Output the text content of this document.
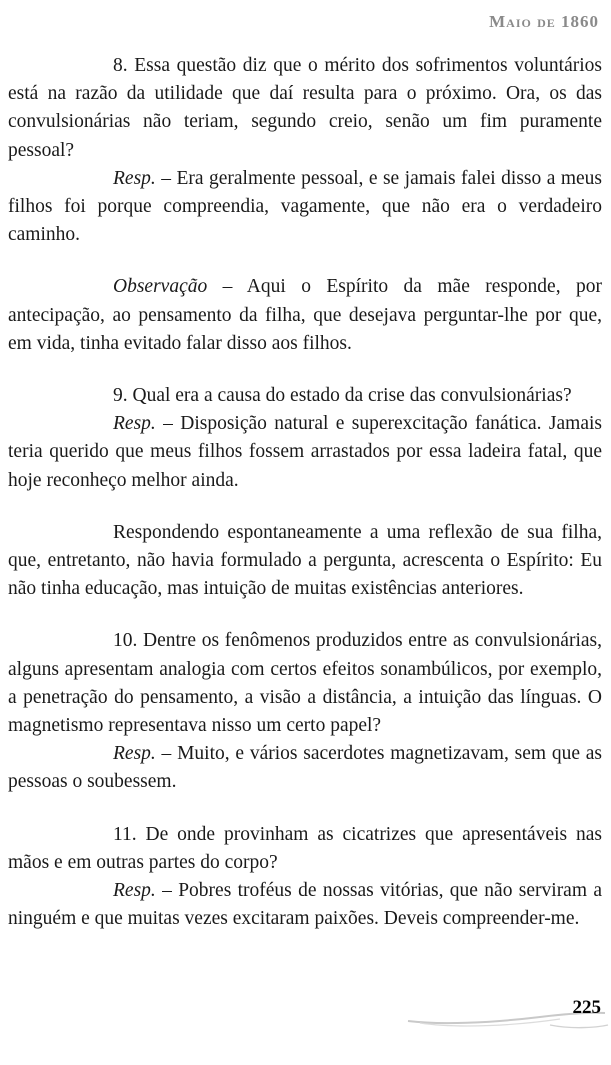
Maio de 1860

8. Essa questão diz que o mérito dos sofrimentos voluntários está na razão da utilidade que daí resulta para o próximo. Ora, os das convulsionárias não teriam, segundo creio, senão um fim puramente pessoal?

Resp. – Era geralmente pessoal, e se jamais falei disso a meus filhos foi porque compreendia, vagamente, que não era o verdadeiro caminho.

Observação – Aqui o Espírito da mãe responde, por antecipação, ao pensamento da filha, que desejava perguntar-lhe por que, em vida, tinha evitado falar disso aos filhos.

9. Qual era a causa do estado da crise das convulsionárias?

Resp. – Disposição natural e superexcitação fanática. Jamais teria querido que meus filhos fossem arrastados por essa ladeira fatal, que hoje reconheço melhor ainda.

Respondendo espontaneamente a uma reflexão de sua filha, que, entretanto, não havia formulado a pergunta, acrescenta o Espírito: Eu não tinha educação, mas intuição de muitas existências anteriores.

10. Dentre os fenômenos produzidos entre as convulsionárias, alguns apresentam analogia com certos efeitos sonambúlicos, por exemplo, a penetração do pensamento, a visão a distância, a intuição das línguas. O magnetismo representava nisso um certo papel?

Resp. – Muito, e vários sacerdotes magnetizavam, sem que as pessoas o soubessem.

11. De onde provinham as cicatrizes que apresentáveis nas mãos e em outras partes do corpo?

Resp. – Pobres troféus de nossas vitórias, que não serviram a ninguém e que muitas vezes excitaram paixões. Deveis compreender-me.

225
